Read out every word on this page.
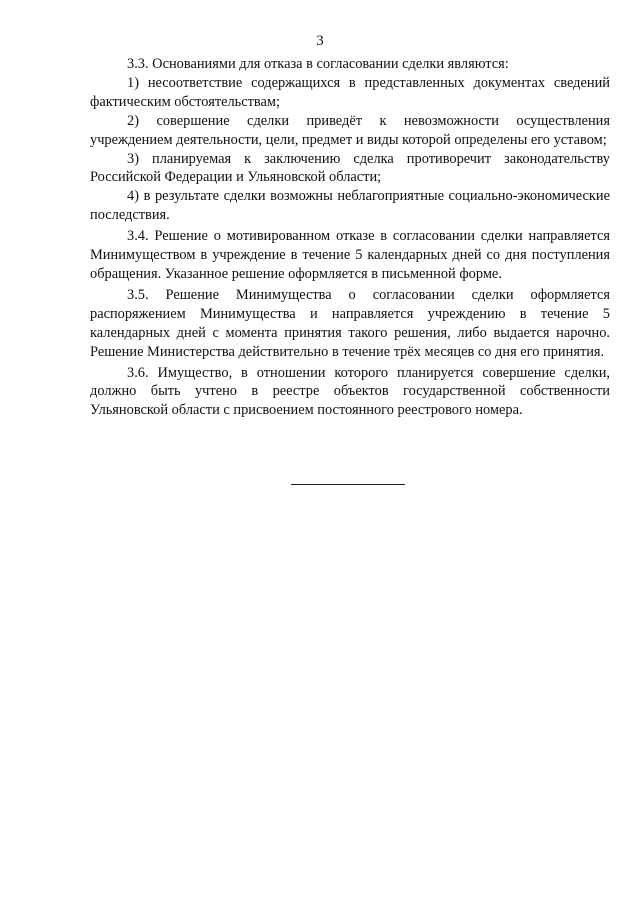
3

3.3. Основаниями для отказа в согласовании сделки являются:

1) несоответствие содержащихся в представленных документах сведений фактическим обстоятельствам;

2) совершение сделки приведёт к невозможности осуществления учреждением деятельности, цели, предмет и виды которой определены его уставом;

3) планируемая к заключению сделка противоречит законодательству Российской Федерации и Ульяновской области;

4) в результате сделки возможны неблагоприятные социально-экономические последствия.

3.4. Решение о мотивированном отказе в согласовании сделки направляется Минимуществом в учреждение в течение 5 календарных дней со дня поступления обращения. Указанное решение оформляется в письменной форме.

3.5. Решение Минимущества о согласовании сделки оформляется распоряжением Минимущества и направляется учреждению в течение 5 календарных дней с момента принятия такого решения, либо выдается нарочно. Решение Министерства действительно в течение трёх месяцев со дня его принятия.

3.6. Имущество, в отношении которого планируется совершение сделки, должно быть учтено в реестре объектов государственной собственности Ульяновской области с присвоением постоянного реестрового номера.
